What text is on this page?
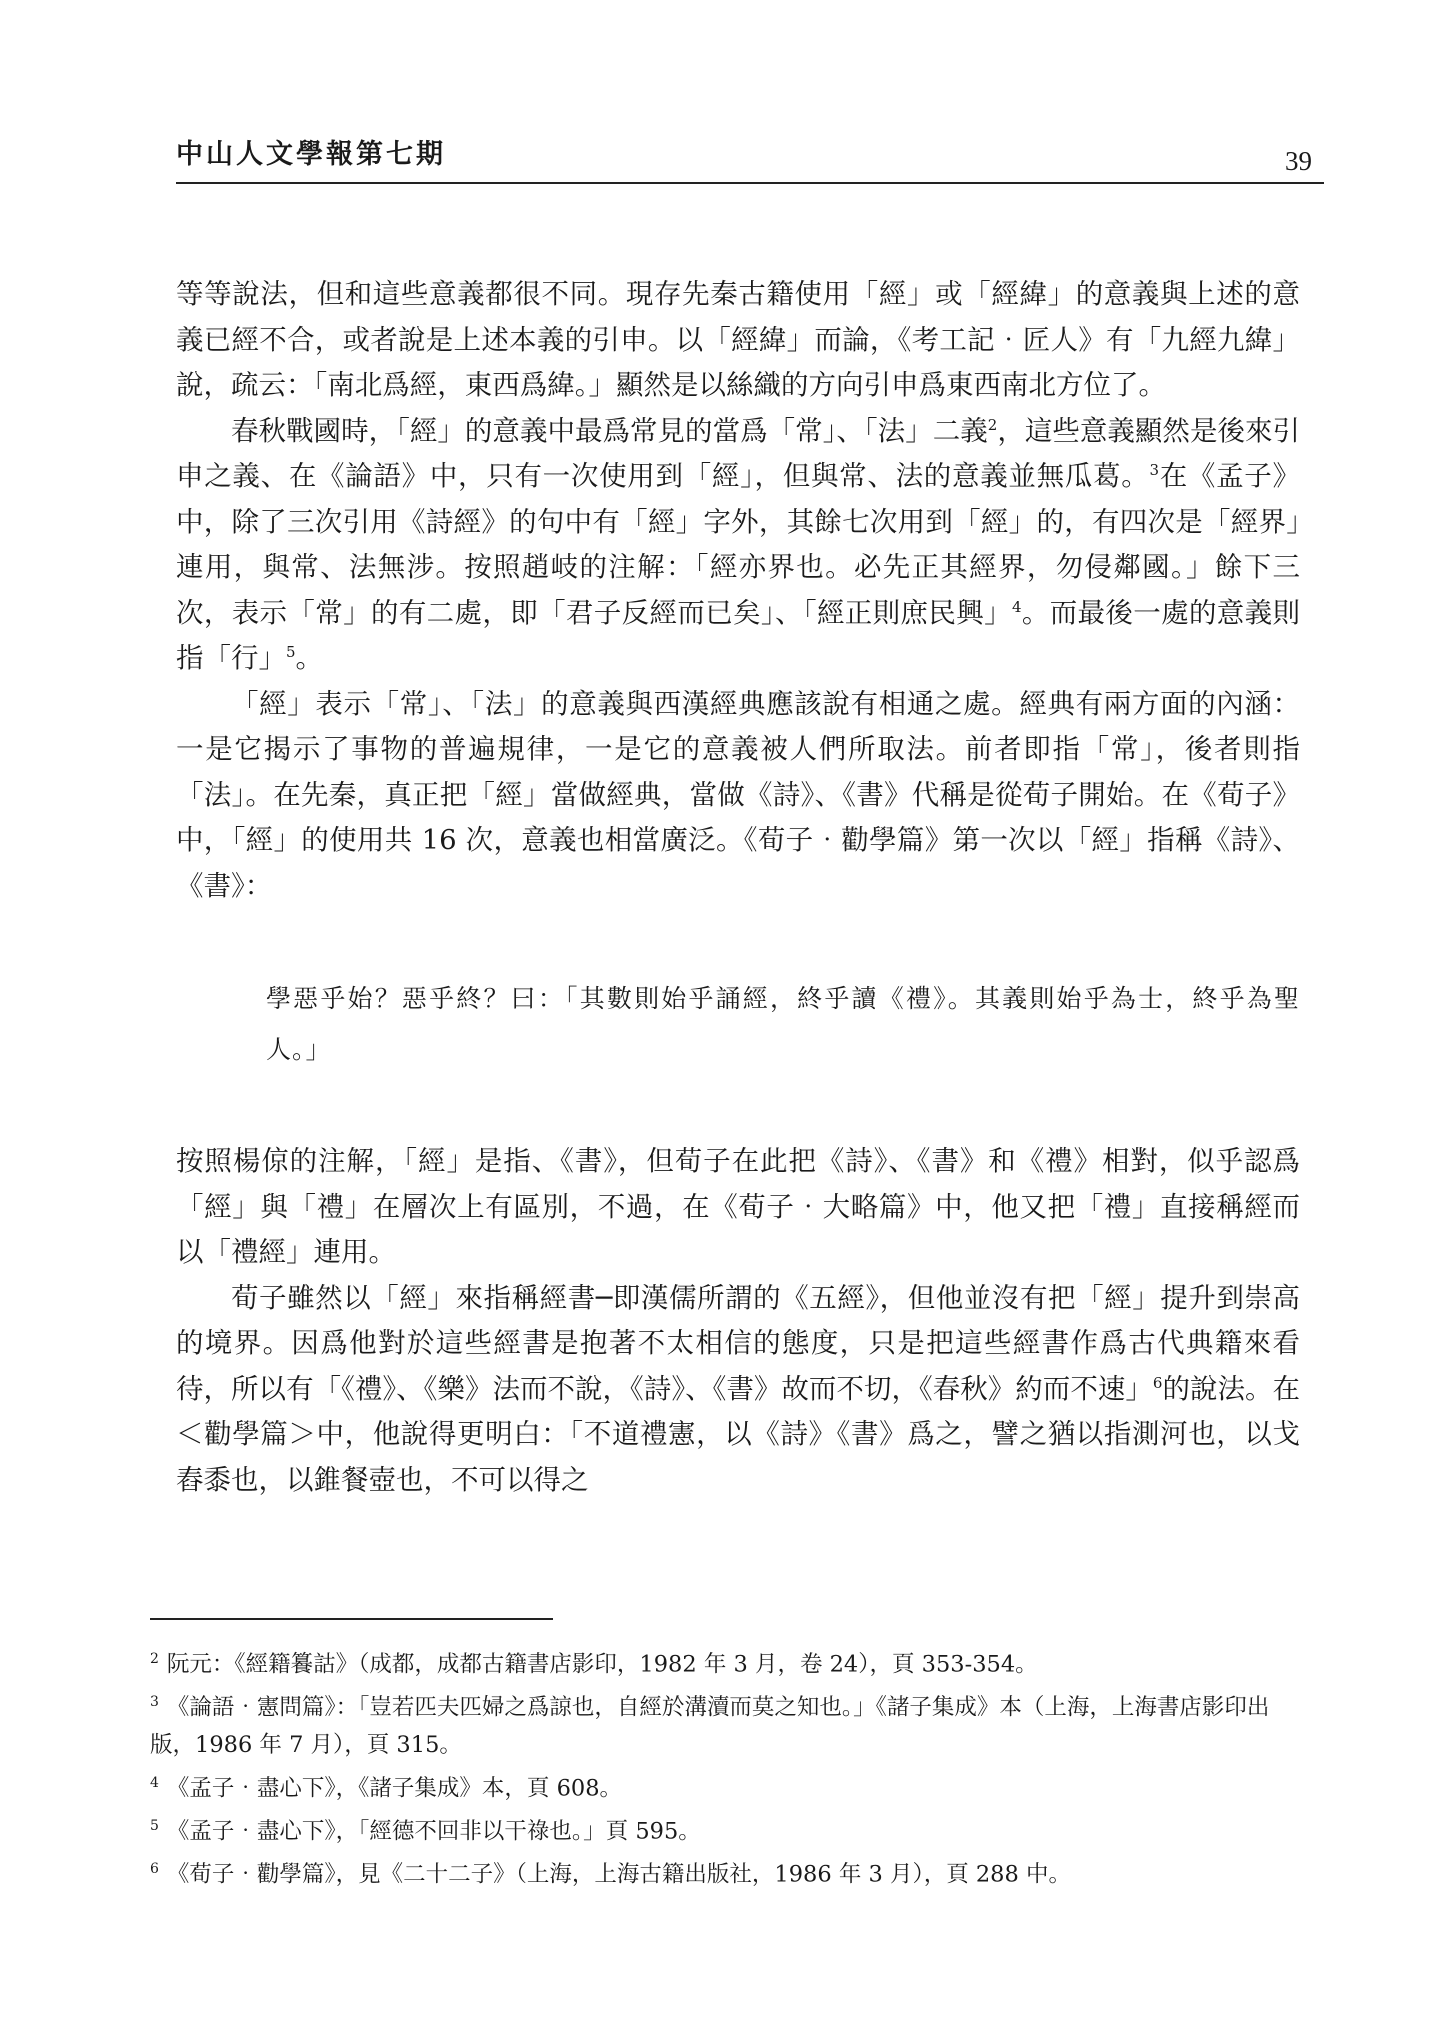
中山人文學報第七期	39

等等說法，但和這些意義都很不同。現存先秦古籍使用「經」或「經緯」的意義與上述的意義已經不合，或者說是上述本義的引申。以「經緯」而論，《考工記‧匠人》有「九經九緯」說，疏云：「南北爲經，東西爲緯。」顯然是以絲織的方向引申爲東西南北方位了。

春秋戰國時，「經」的意義中最爲常見的當爲「常」、「法」二義$^2$，這些意義顯然是後來引申之義、在《論語》中，只有一次使用到「經」，但與常、法的意義並無瓜葛。$^3$在《孟子》中，除了三次引用《詩經》的句中有「經」字外，其餘七次用到「經」的，有四次是「經界」連用，與常、法無涉。按照趙岐的注解：「經亦界也。必先正其經界，勿侵鄰國。」餘下三次，表示「常」的有二處，即「君子反經而已矣」、「經正則庶民興」$^4$。而最後一處的意義則指「行」$^5$。

「經」表示「常」、「法」的意義與西漢經典應該說有相通之處。經典有兩方面的內涵：一是它揭示了事物的普遍規律，一是它的意義被人們所取法。前者即指「常」，後者則指「法」。在先秦，真正把「經」當做經典，當做《詩》、《書》代稱是從荀子開始。在《荀子》中，「經」的使用共 16 次，意義也相當廣泛。《荀子‧勸學篇》第一次以「經」指稱《詩》、《書》：

學惡乎始？惡乎終？曰：「其數則始乎誦經，終乎讀《禮》。其義則始乎為士，終乎為聖人。」

按照楊倞的注解，「經」是指、《書》，但荀子在此把《詩》、《書》和《禮》相對，似乎認爲「經」與「禮」在層次上有區別，不過，在《荀子‧大略篇》中，他又把「禮」直接稱經而以「禮經」連用。

荀子雖然以「經」來指稱經書─即漢儒所謂的《五經》，但他並沒有把「經」提升到崇高的境界。因爲他對於這些經書是抱著不太相信的態度，只是把這些經書作爲古代典籍來看待，所以有「《禮》、《樂》法而不說，《詩》、《書》故而不切，《春秋》約而不速」$^6$的說法。在＜勸學篇＞中，他說得更明白：「不道禮憲，以《詩》《書》爲之，譬之猶以指測河也，以戈舂黍也，以錐餐壺也，不可以得之

$^2$ 阮元：《經籍籑詁》（成都，成都古籍書店影印，1982 年 3 月，卷 24），頁 353-354。

$^3$ 《論語‧憲問篇》：「豈若匹夫匹婦之爲諒也，自經於溝瀆而莫之知也。」《諸子集成》本（上海，上海書店影印出版，1986 年 7 月），頁 315。

$^4$ 《孟子‧盡心下》，《諸子集成》本，頁 608。

$^5$ 《孟子‧盡心下》，「經德不回非以干祿也。」頁 595。

$^6$ 《荀子‧勸學篇》，見《二十二子》（上海，上海古籍出版社，1986 年 3 月），頁 288 中。
